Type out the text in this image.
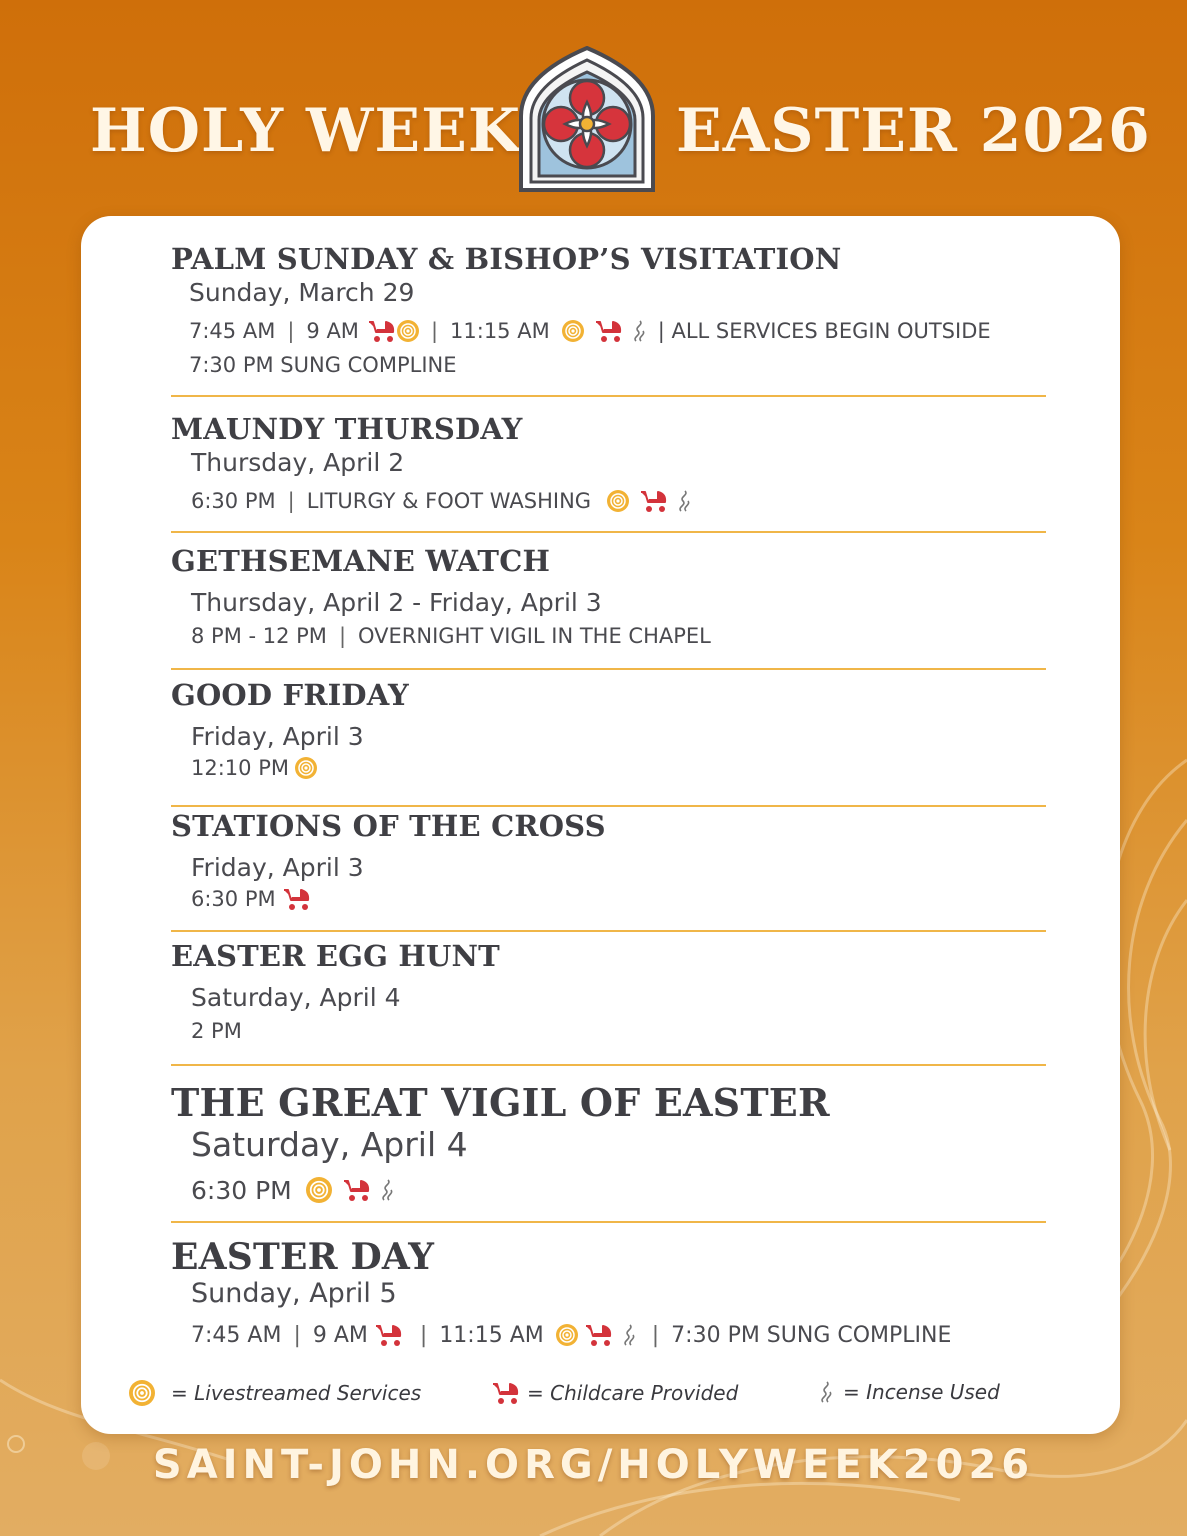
HOLY WEEK	EASTER 2026
PALM SUNDAY & BISHOP’S VISITATION
Sunday, March 29
7:45 AM | 9 AM	| 11:15 AM	| ALL SERVICES BEGIN OUTSIDE
7:30 PM SUNG COMPLINE
MAUNDY THURSDAY
Thursday, April 2
6:30 PM | LITURGY & FOOT WASHING
GETHSEMANE WATCH
Thursday, April 2 - Friday, April 3
8 PM - 12 PM | OVERNIGHT VIGIL IN THE CHAPEL
GOOD FRIDAY
Friday, April 3
12:10 PM
STATIONS OF THE CROSS
Friday, April 3
6:30 PM
EASTER EGG HUNT
Saturday, April 4
2 PM
THE GREAT VIGIL OF EASTER
Saturday, April 4
6:30 PM
EASTER DAY
Sunday, April 5
7:45 AM | 9 AM | 11:15 AM	| 7:30 PM SUNG COMPLINE
= Livestreamed Services	= Childcare Provided	= Incense Used
SAINT-JOHN.ORG/HOLYWEEK2026
